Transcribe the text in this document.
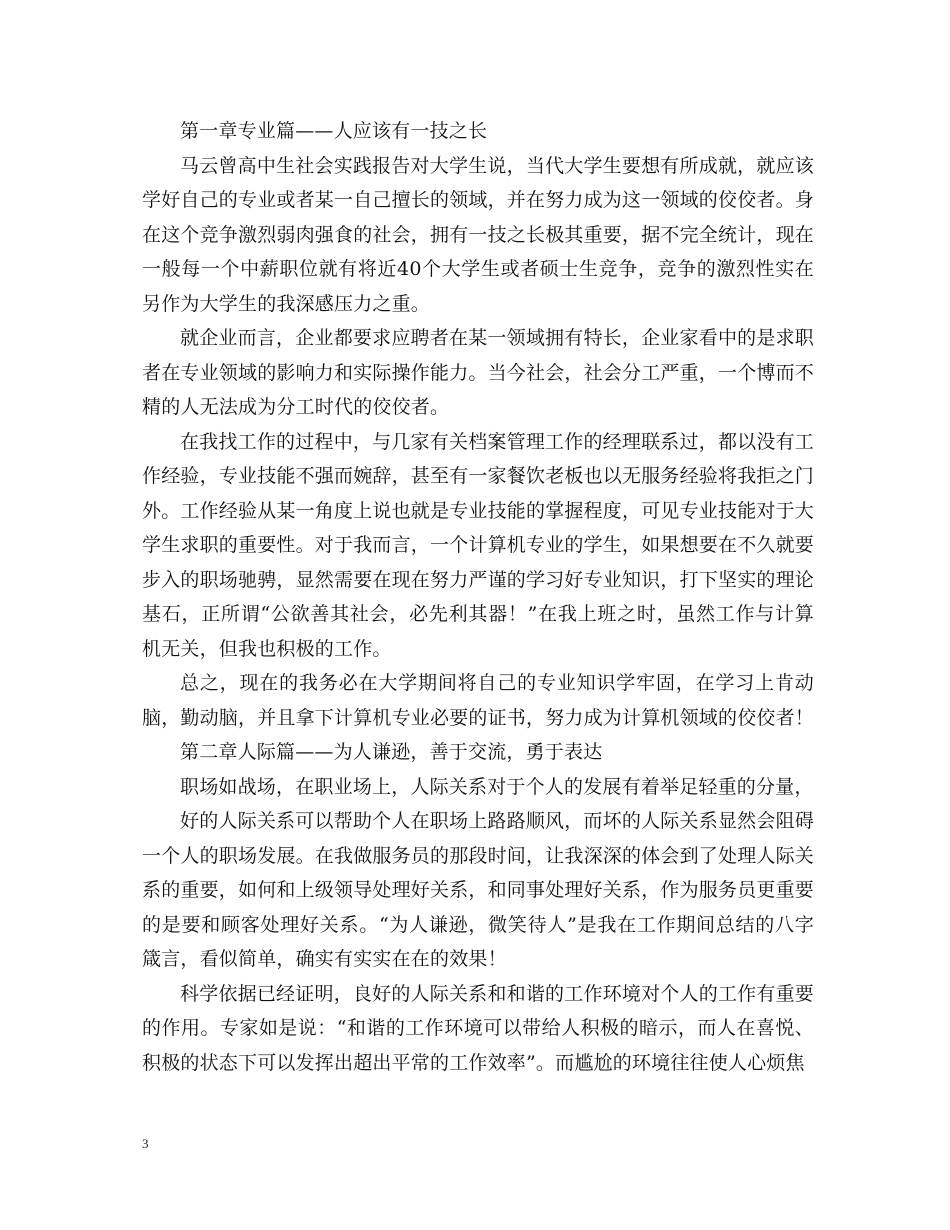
第一章专业篇——人应该有一技之长

马云曾高中生社会实践报告对大学生说，当代大学生要想有所成就，就应该学好自己的专业或者某一自己擅长的领域，并在努力成为这一领域的佼佼者。身在这个竞争激烈弱肉强食的社会，拥有一技之长极其重要，据不完全统计，现在一般每一个中薪职位就有将近40个大学生或者硕士生竞争，竞争的激烈性实在另作为大学生的我深感压力之重。

就企业而言，企业都要求应聘者在某一领域拥有特长，企业家看中的是求职者在专业领域的影响力和实际操作能力。当今社会，社会分工严重，一个博而不精的人无法成为分工时代的佼佼者。

在我找工作的过程中，与几家有关档案管理工作的经理联系过，都以没有工作经验，专业技能不强而婉辞，甚至有一家餐饮老板也以无服务经验将我拒之门外。工作经验从某一角度上说也就是专业技能的掌握程度，可见专业技能对于大学生求职的重要性。对于我而言，一个计算机专业的学生，如果想要在不久就要步入的职场驰骋，显然需要在现在努力严谨的学习好专业知识，打下坚实的理论基石，正所谓“公欲善其社会，必先利其器！”在我上班之时，虽然工作与计算机无关，但我也积极的工作。

总之，现在的我务必在大学期间将自己的专业知识学牢固，在学习上肯动脑，勤动脑，并且拿下计算机专业必要的证书，努力成为计算机领域的佼佼者！

第二章人际篇——为人谦逊，善于交流，勇于表达

职场如战场，在职业场上，人际关系对于个人的发展有着举足轻重的分量，

好的人际关系可以帮助个人在职场上路路顺风，而坏的人际关系显然会阻碍一个人的职场发展。在我做服务员的那段时间，让我深深的体会到了处理人际关系的重要，如何和上级领导处理好关系，和同事处理好关系，作为服务员更重要的是要和顾客处理好关系。“为人谦逊，微笑待人”是我在工作期间总结的八字箴言，看似简单，确实有实实在在的效果！

科学依据已经证明，良好的人际关系和和谐的工作环境对个人的工作有重要的作用。专家如是说：“和谐的工作环境可以带给人积极的暗示，而人在喜悦、积极的状态下可以发挥出超出平常的工作效率”。而尴尬的环境往往使人心烦焦

3
